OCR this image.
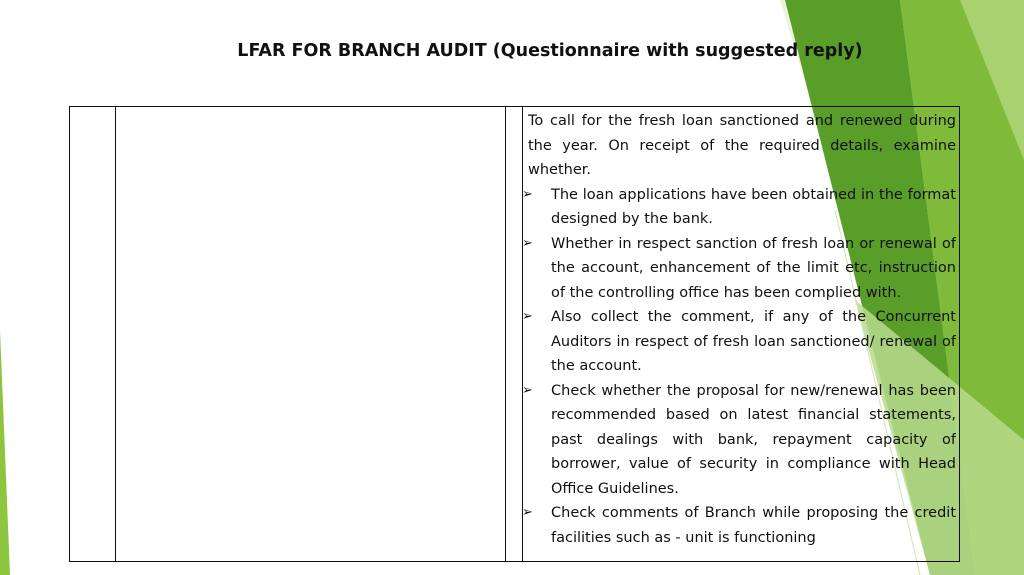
LFAR FOR BRANCH AUDIT (Questionnaire with suggested reply)
To call for the fresh loan sanctioned and renewed during the year. On receipt of the required details, examine whether.
➢ The loan applications have been obtained in the format designed by the bank.
➢ Whether in respect sanction of fresh loan or renewal of the account, enhancement of the limit etc, instruction of the controlling office has been complied with.
➢ Also collect the comment, if any of the Concurrent Auditors in respect of fresh loan sanctioned/ renewal of the account.
➢ Check whether the proposal for new/renewal has been recommended based on latest financial statements, past dealings with bank, repayment capacity of borrower, value of security in compliance with Head Office Guidelines.
➢ Check comments of Branch while proposing the credit facilities such as - unit is functioning
